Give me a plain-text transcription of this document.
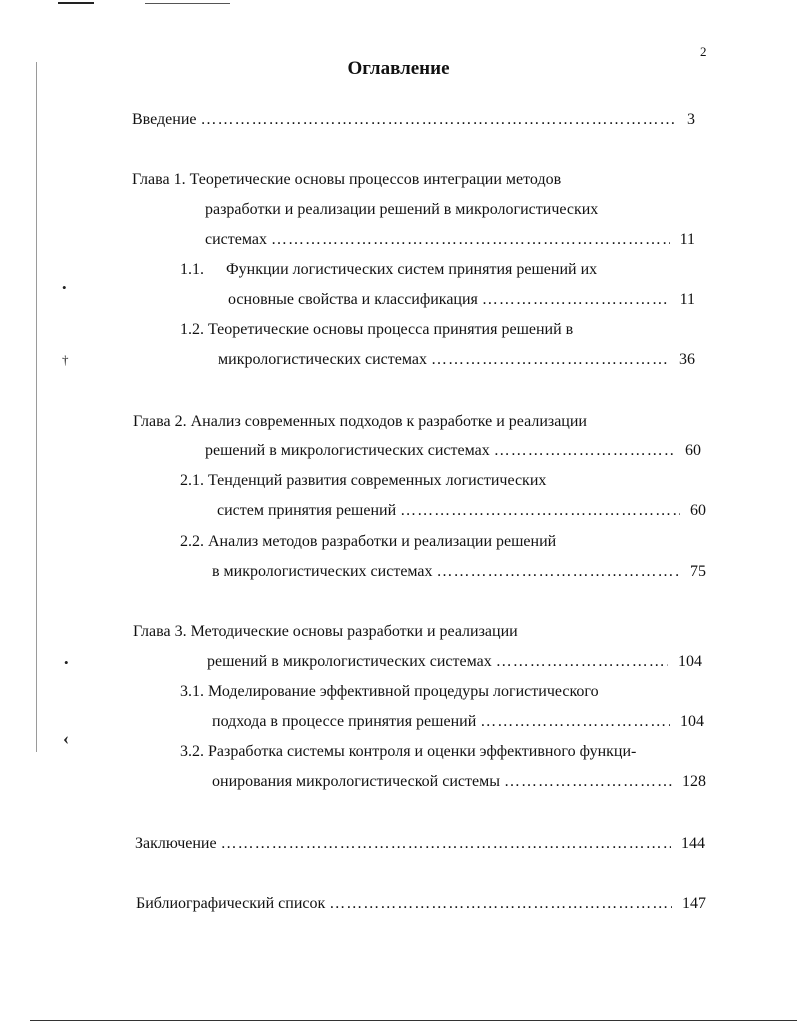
•
†
•
‹
2
Оглавление
Введение ……………………………………………………………………………………………………………………………………………………………………	3
Глава 1. Теоретические основы процессов интеграции методов
разработки и реализации решений в микрологистических
системах ……………………………………………………………………………………………………………………………………………………………………	11
1.1. Функции логистических систем принятия решений их
основные свойства и классификация ……………………………………………………………………………………………………………………………………………………………………	11
1.2. Теоретические основы процесса принятия решений в
микрологистических системах ……………………………………………………………………………………………………………………………………………………………………	36
Глава 2. Анализ современных подходов к разработке и реализации
решений в микрологистических системах ……………………………………………………………………………………………………………………………………………………………………	60
2.1. Тенденций развития современных логистических
систем принятия решений ……………………………………………………………………………………………………………………………………………………………………	60
2.2. Анализ методов разработки и реализации решений
в микрологистических системах ……………………………………………………………………………………………………………………………………………………………………	75
Глава 3. Методические основы разработки и реализации
решений в микрологистических системах ……………………………………………………………………………………………………………………………………………………………………	104
3.1. Моделирование эффективной процедуры логистического
подхода в процессе принятия решений ……………………………………………………………………………………………………………………………………………………………………	104
3.2. Разработка системы контроля и оценки эффективного функци-
онирования микрологистической системы ……………………………………………………………………………………………………………………………………………………………………	128
Заключение ……………………………………………………………………………………………………………………………………………………………………	144
Библиографический список ……………………………………………………………………………………………………………………………………………………………………	147
